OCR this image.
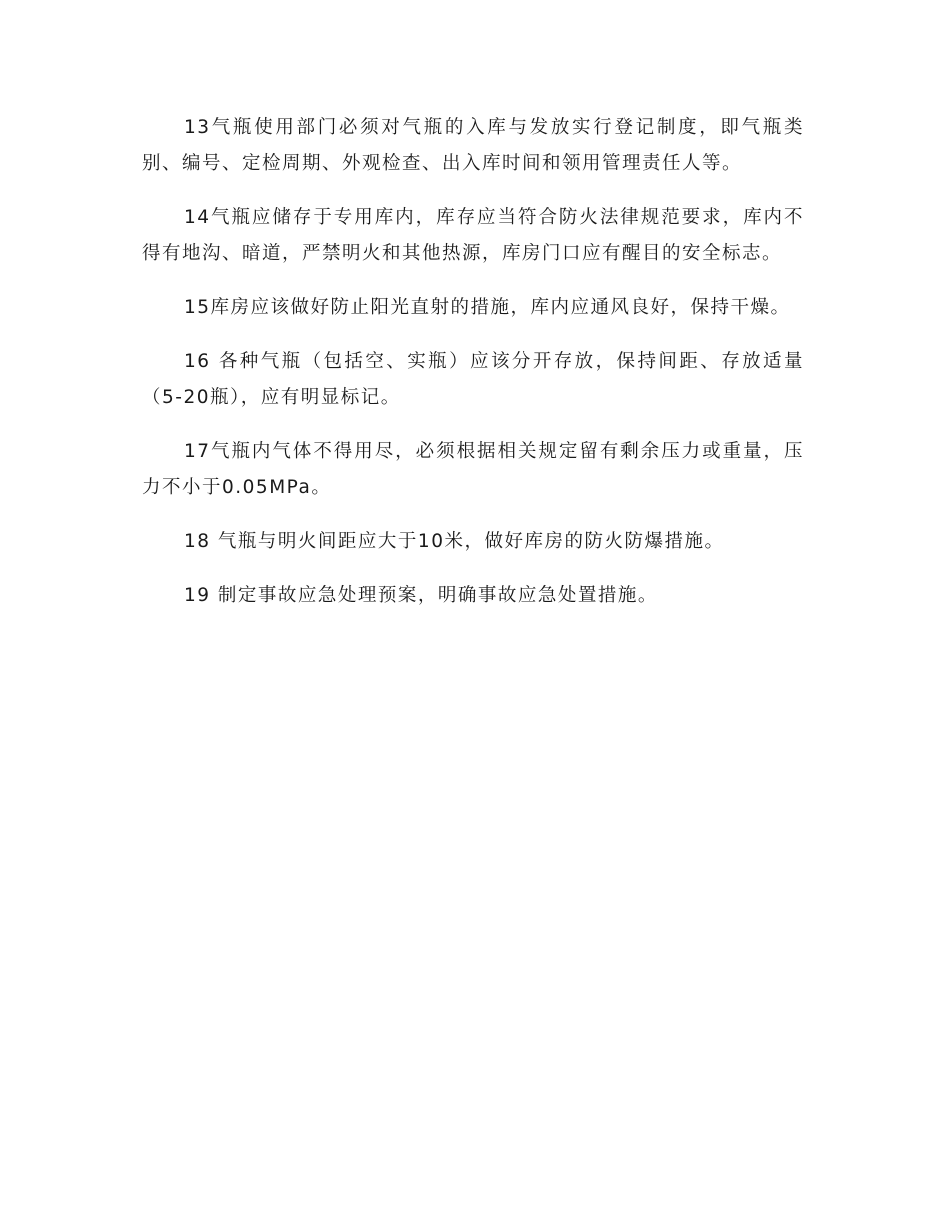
13气瓶使用部门必须对气瓶的入库与发放实行登记制度，即气瓶类别、编号、定检周期、外观检查、出入库时间和领用管理责任人等。

14气瓶应储存于专用库内，库存应当符合防火法律规范要求，库内不得有地沟、暗道，严禁明火和其他热源，库房门口应有醒目的安全标志。

15库房应该做好防止阳光直射的措施，库内应通风良好，保持干燥。

16 各种气瓶（包括空、实瓶）应该分开存放，保持间距、存放适量（5-20瓶），应有明显标记。

17气瓶内气体不得用尽，必须根据相关规定留有剩余压力或重量，压力不小于0.05MPa。

18 气瓶与明火间距应大于10米，做好库房的防火防爆措施。

19 制定事故应急处理预案，明确事故应急处置措施。
